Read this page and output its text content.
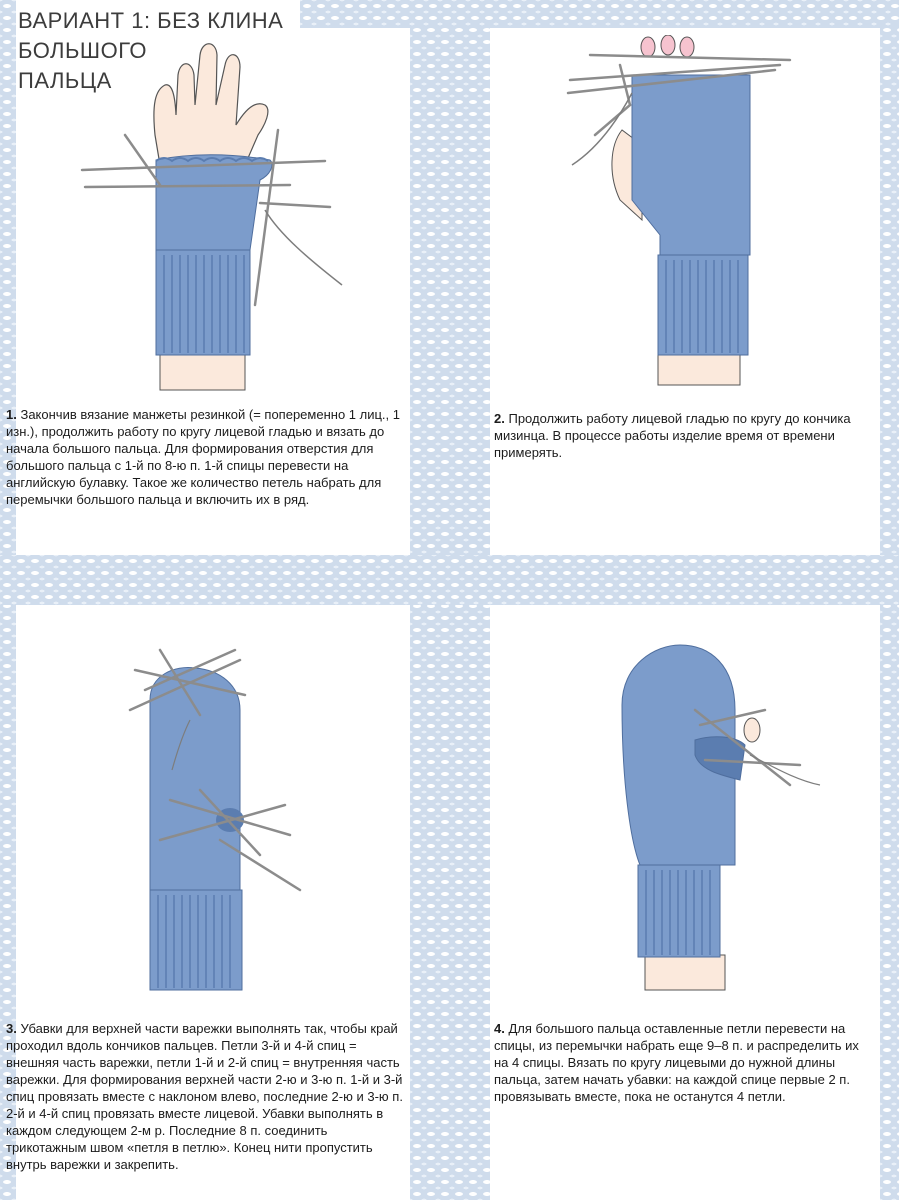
ВАРИАНТ 1: БЕЗ КЛИНА
БОЛЬШОГО
ПАЛЬЦА

1. Закончив вязание манжеты резинкой (= попеременно 1 лиц., 1 изн.), продолжить работу по кругу лицевой гладью и вязать до начала большого пальца. Для формирования отверстия для большого пальца с 1-й по 8-ю п. 1-й спицы перевести на английскую булавку. Такое же количество петель набрать для перемычки большого пальца и включить их в ряд.

2. Продолжить работу лицевой гладью по кругу до кончика мизинца. В процессе работы изделие время от времени примерять.

3. Убавки для верхней части варежки выполнять так, чтобы край проходил вдоль кончиков пальцев. Петли 3-й и 4-й спиц = внешняя часть варежки, петли 1-й и 2-й спиц = внутренняя часть варежки. Для формирования верхней части 2-ю и 3-ю п. 1-й и 3-й спиц провязать вместе с наклоном влево, последние 2-ю и 3-ю п. 2-й и 4-й спиц провязать вместе лицевой. Убавки выполнять в каждом следующем 2-м р. Последние 8 п. соединить трикотажным швом «петля в петлю». Конец нити пропустить внутрь варежки и закрепить.

4. Для большого пальца оставленные петли перевести на спицы, из перемычки набрать еще 9–8 п. и распределить их на 4 спицы. Вязать по кругу лицевыми до нужной длины пальца, затем начать убавки: на каждой спице первые 2 п. провязывать вместе, пока не останутся 4 петли.
